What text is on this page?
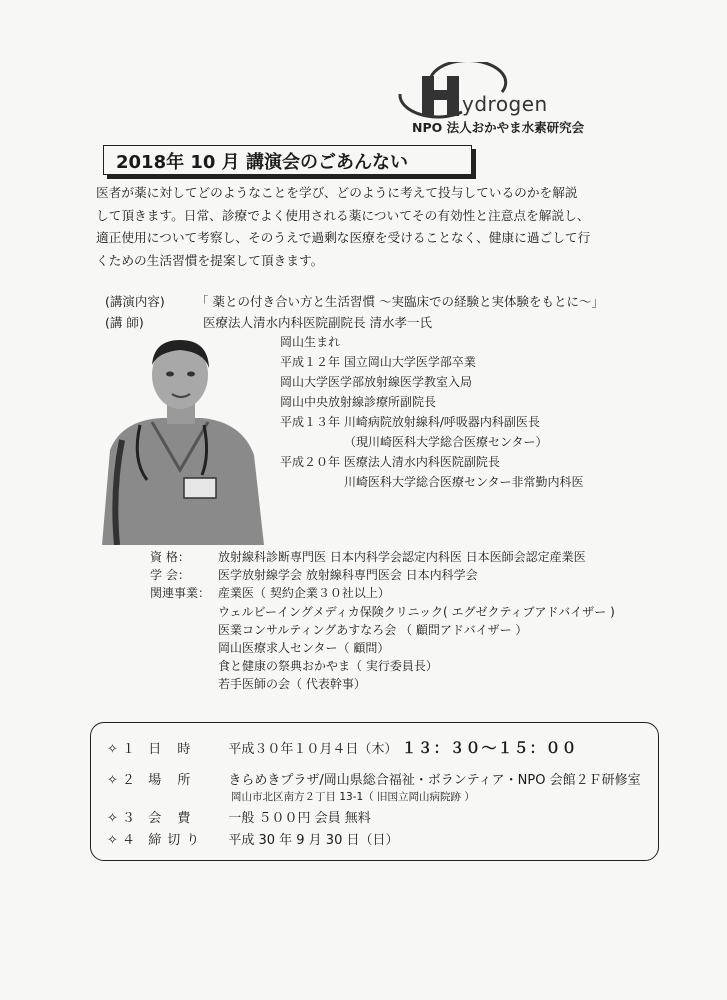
ydrogen
NPO 法人おかやま水素研究会
2018年 10 月 講演会のごあんない
医者が薬に対してどのようなことを学び、どのように考えて投与しているのかを解説
して頂きます。日常、診療でよく使用される薬についてその有効性と注意点を解説し、
適正使用について考察し、そのうえで過剰な医療を受けることなく、健康に過ごして行
くための生活習慣を提案して頂きます。
(講演内容) 「 薬との付き合い方と生活習慣 ～実臨床での経験と実体験をもとに～」
(講 師)	医療法人清水内科医院副院長 清水孝一氏
岡山生まれ
平成１２年 国立岡山大学医学部卒業
岡山大学医学部放射線医学教室入局
岡山中央放射線診療所副院長
平成１３年 川崎病院放射線科/呼吸器内科副医長
（現川崎医科大学総合医療センター）
平成２０年 医療法人清水内科医院副院長
川崎医科大学総合医療センター非常勤内科医
資 格：	放射線科診断専門医 日本内科学会認定内科医 日本医師会認定産業医
学 会：	医学放射線学会 放射線科専門医会 日本内科学会
関連事業： 産業医（ 契約企業３０社以上）
ウェルビーイングメディカ保険クリニック( エグゼクティブアドバイザー )
医業コンサルティングあすなろ会 （ 顧問アドバイザー ）
岡山医療求人センター（ 顧問）
食と健康の祭典おかやま（ 実行委員長）
若手医師の会（ 代表幹事）
✧ １ 日 時 平成３０年１０月４日（木） １３：３０～１５：００
✧ ２ 場 所 きらめきプラザ/岡山県総合福祉・ボランティア・NPO 会館２Ｆ研修室
岡山市北区南方２丁目 13-1（ 旧国立岡山病院跡 ）
✧ ３ 会 費 一般 ５００円 会員 無料
✧ ４ 締切り 平成 30 年 9 月 30 日（日）
